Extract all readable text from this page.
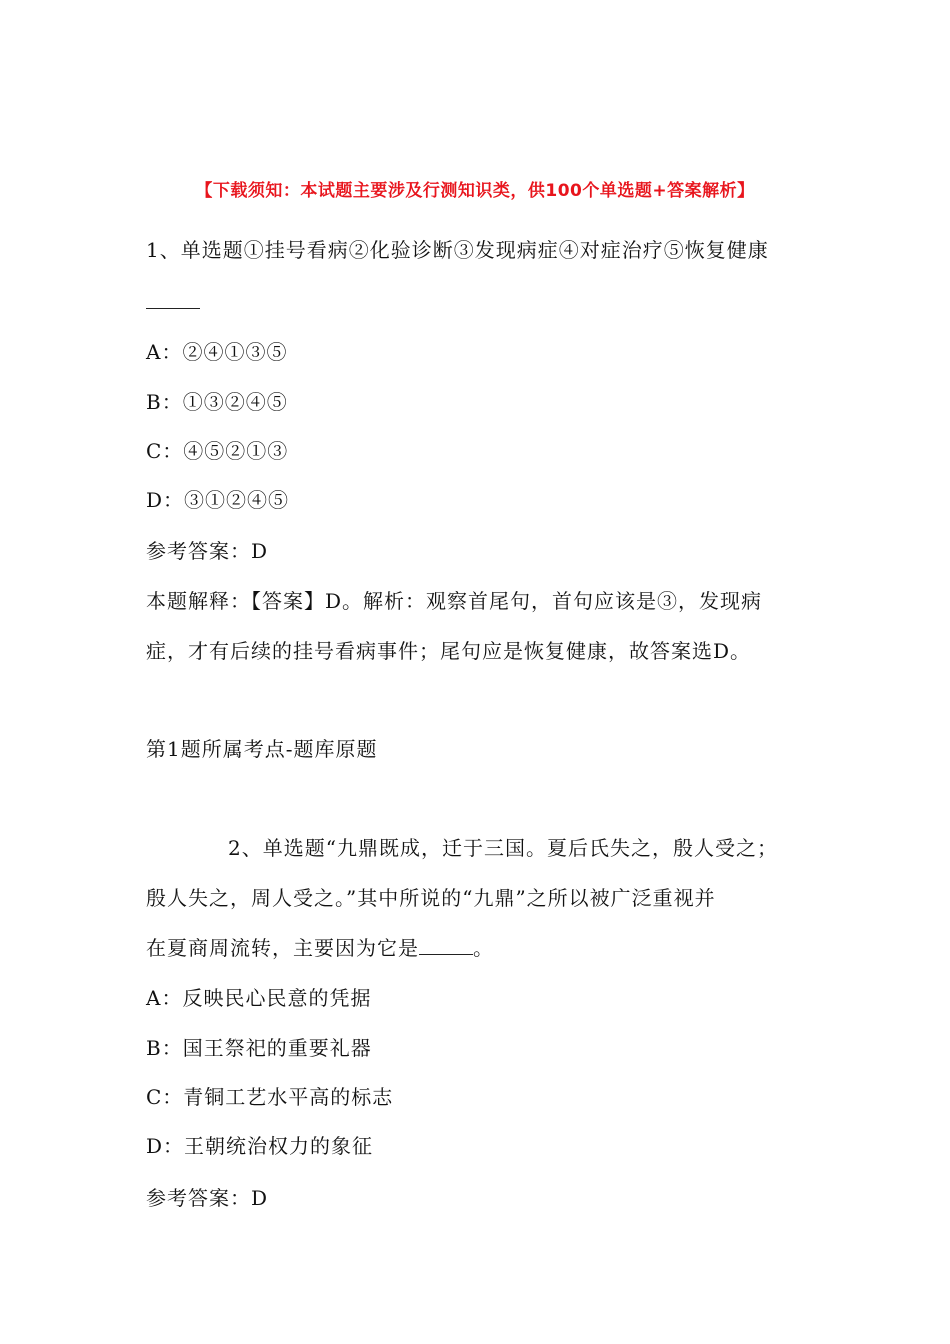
【下载须知：本试题主要涉及行测知识类，供100个单选题+答案解析】
1、单选题①挂号看病②化验诊断③发现病症④对症治疗⑤恢复健康
A：②④①③⑤
B：①③②④⑤
C：④⑤②①③
D：③①②④⑤
参考答案：D
本题解释：【答案】D。解析：观察首尾句，首句应该是③，发现病
症，才有后续的挂号看病事件；尾句应是恢复健康，故答案选D。
第1题所属考点-题库原题
2、单选题“九鼎既成，迁于三国。夏后氏失之，殷人受之；
殷人失之，周人受之。”其中所说的“九鼎”之所以被广泛重视并
在夏商周流转，主要因为它是	。
A：反映民心民意的凭据
B：国王祭祀的重要礼器
C：青铜工艺水平高的标志
D：王朝统治权力的象征
参考答案：D
